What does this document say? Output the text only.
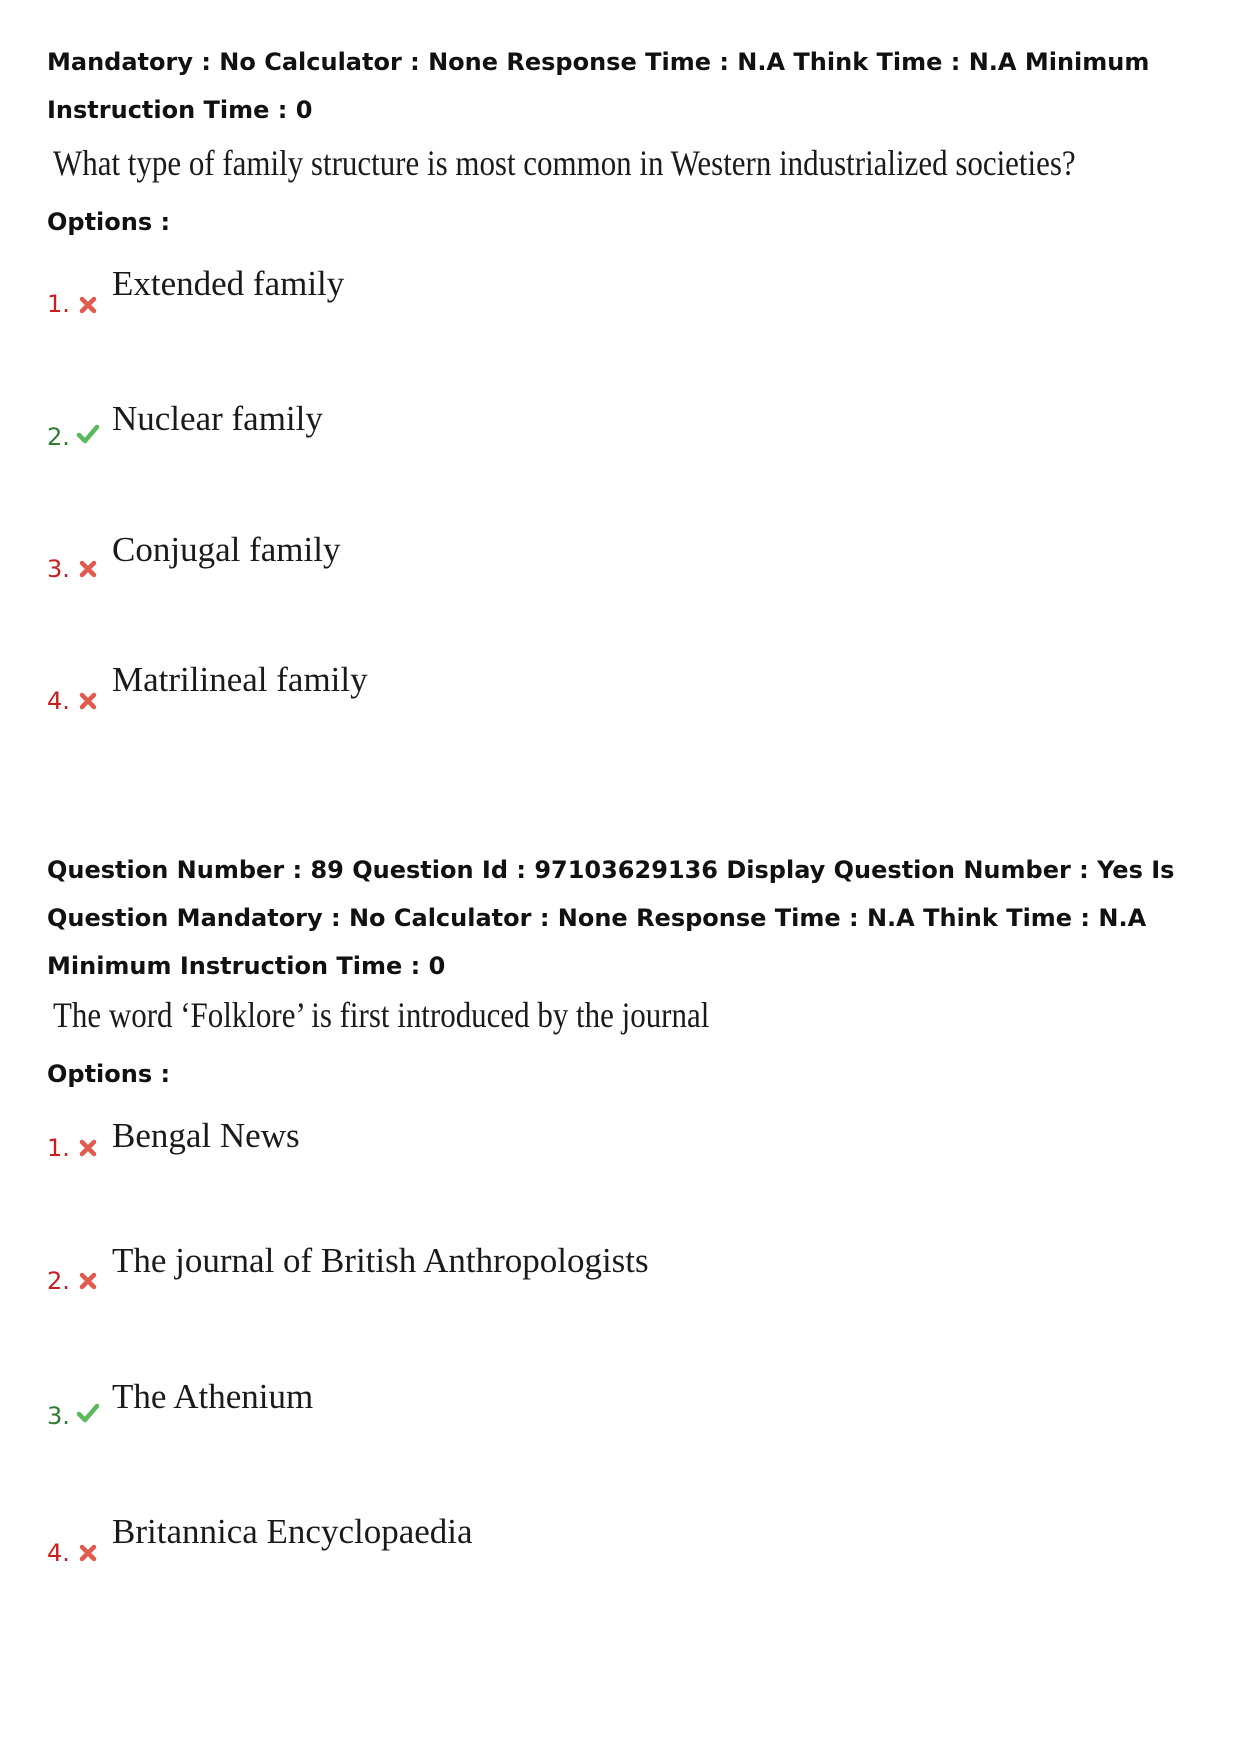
Mandatory : No Calculator : None Response Time : N.A Think Time : N.A Minimum Instruction Time : 0
What type of family structure is most common in Western industrialized societies?
Options :
1.
Extended family
2. Nuclear family
3. Conjugal family
4.
Matrilineal family
Question Number : 89 Question Id : 97103629136 Display Question Number : Yes Is Question Mandatory : No Calculator : None Response Time : N.A Think Time : N.A Minimum Instruction Time : 0
The word ‘Folklore’ is first introduced by the journal
Options :
1. Bengal News
2.
The journal of British Anthropologists
3. The Athenium
4.
Britannica Encyclopaedia
